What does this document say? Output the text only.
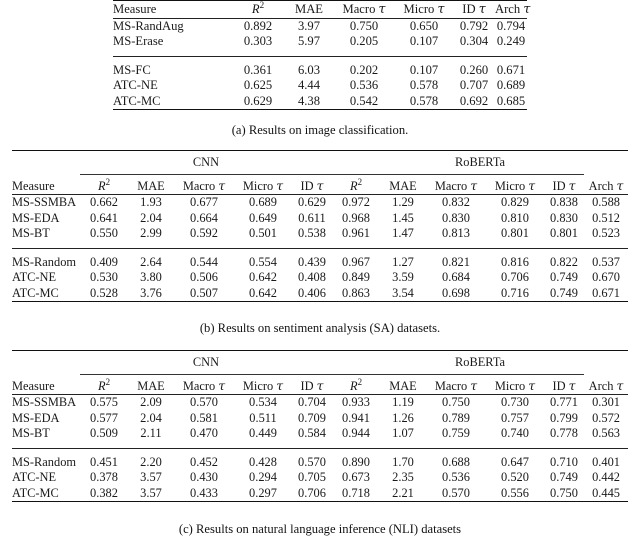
Measure	$R^2$	MAE	Macro τ	Micro τ	ID τ	Arch τ
MS-RandAug	0.892	3.97	0.750	0.650	0.792	0.794
MS-Erase	0.303	5.97	0.205	0.107	0.304	0.249

MS-FC	0.361	6.03	0.202	0.107	0.260	0.671
ATC-NE	0.625	4.44	0.536	0.578	0.707	0.689
ATC-MC	0.629	4.38	0.542	0.578	0.692	0.685
(a) Results on image classification.
	CNN					RoBERTa					

Measure	$R^2$	MAE	Macro τ	Micro τ	ID τ	$R^2$	MAE	Macro τ	Micro τ	ID τ	Arch τ
MS-SSMBA	0.662	1.93	0.677	0.689	0.629	0.972	1.29	0.832	0.829	0.838	0.588
MS-EDA	0.641	2.04	0.664	0.649	0.611	0.968	1.45	0.830	0.810	0.830	0.512
MS-BT	0.550	2.99	0.592	0.501	0.538	0.961	1.47	0.813	0.801	0.801	0.523

MS-Random	0.409	2.64	0.544	0.554	0.439	0.967	1.27	0.821	0.816	0.822	0.537
ATC-NE	0.530	3.80	0.506	0.642	0.408	0.849	3.59	0.684	0.706	0.749	0.670
ATC-MC	0.528	3.76	0.507	0.642	0.406	0.863	3.54	0.698	0.716	0.749	0.671
(b) Results on sentiment analysis (SA) datasets.
	CNN					RoBERTa					

Measure	$R^2$	MAE	Macro τ	Micro τ	ID τ	$R^2$	MAE	Macro τ	Micro τ	ID τ	Arch τ
MS-SSMBA	0.575	2.09	0.570	0.534	0.704	0.933	1.19	0.750	0.730	0.771	0.301
MS-EDA	0.577	2.04	0.581	0.511	0.709	0.941	1.26	0.789	0.757	0.799	0.572
MS-BT	0.509	2.11	0.470	0.449	0.584	0.944	1.07	0.759	0.740	0.778	0.563

MS-Random	0.451	2.20	0.452	0.428	0.570	0.890	1.70	0.688	0.647	0.710	0.401
ATC-NE	0.378	3.57	0.430	0.294	0.705	0.673	2.35	0.536	0.520	0.749	0.442
ATC-MC	0.382	3.57	0.433	0.297	0.706	0.718	2.21	0.570	0.556	0.750	0.445
(c) Results on natural language inference (NLI) datasets
